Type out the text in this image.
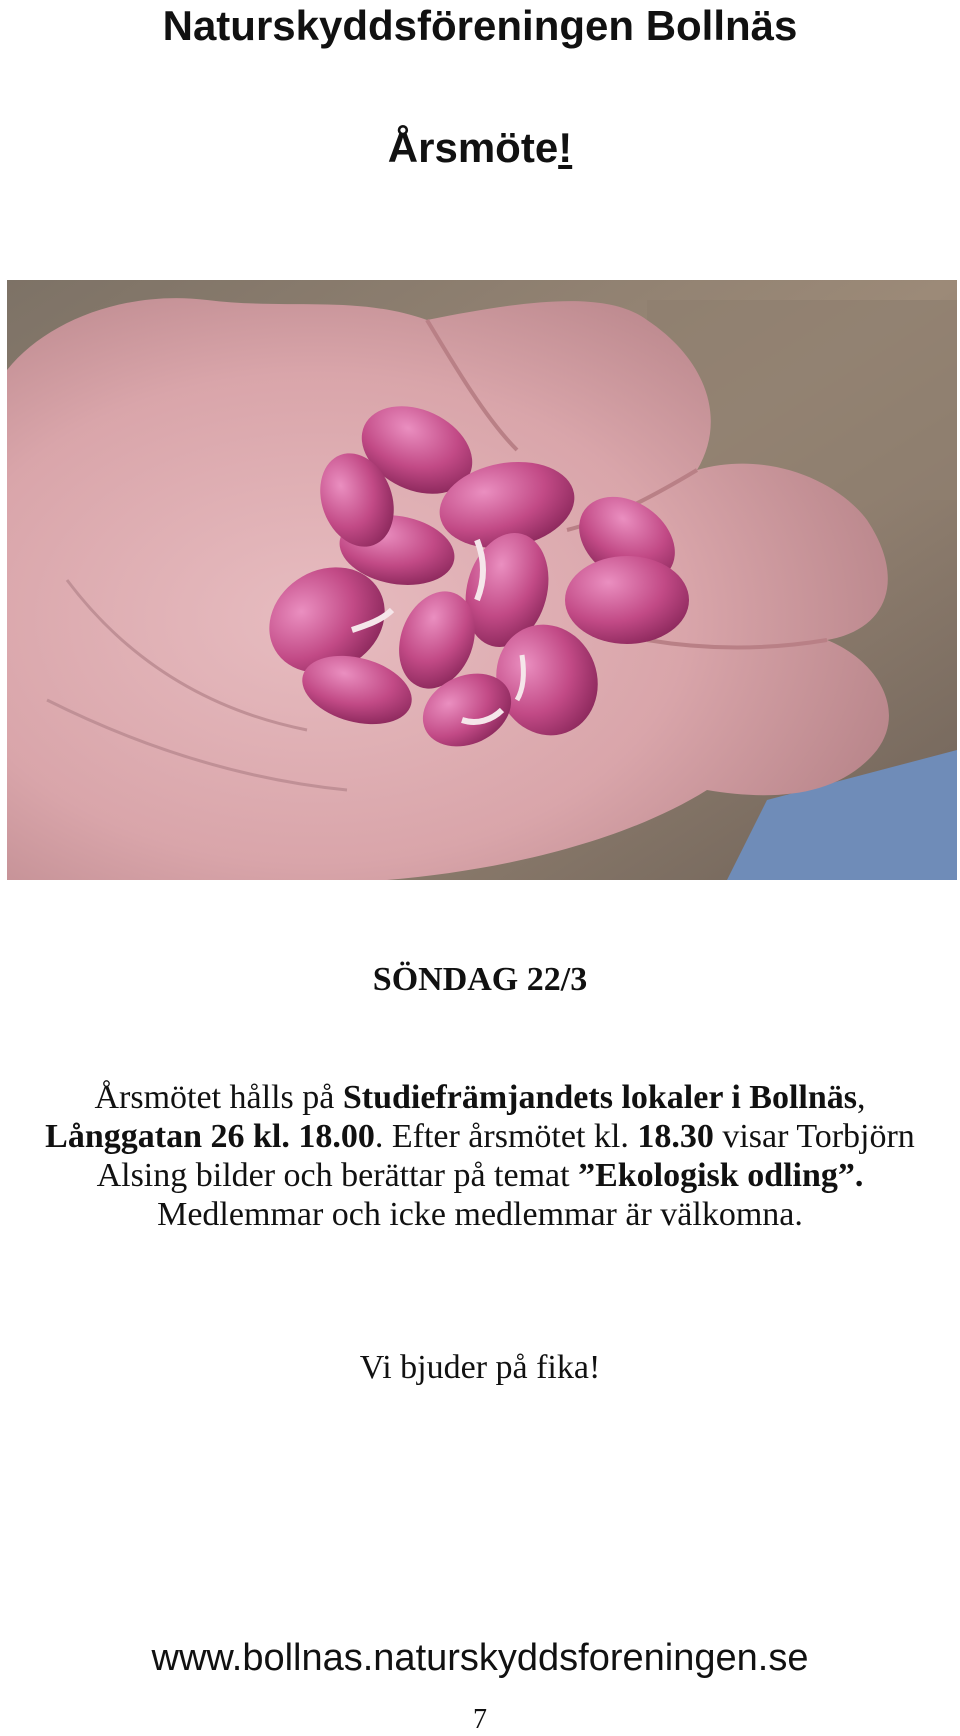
Naturskyddsföreningen Bollnäs
Årsmöte!
SÖNDAG 22/3

Årsmötet hålls på Studiefrämjandets lokaler i Bollnäs, Långgatan 26 kl. 18.00. Efter årsmötet kl. 18.30 visar Torbjörn Alsing bilder och berättar på temat ”Ekologisk odling”.

Medlemmar och icke medlemmar är välkomna.

Vi bjuder på fika!
www.bollnas.naturskyddsforeningen.se
7
